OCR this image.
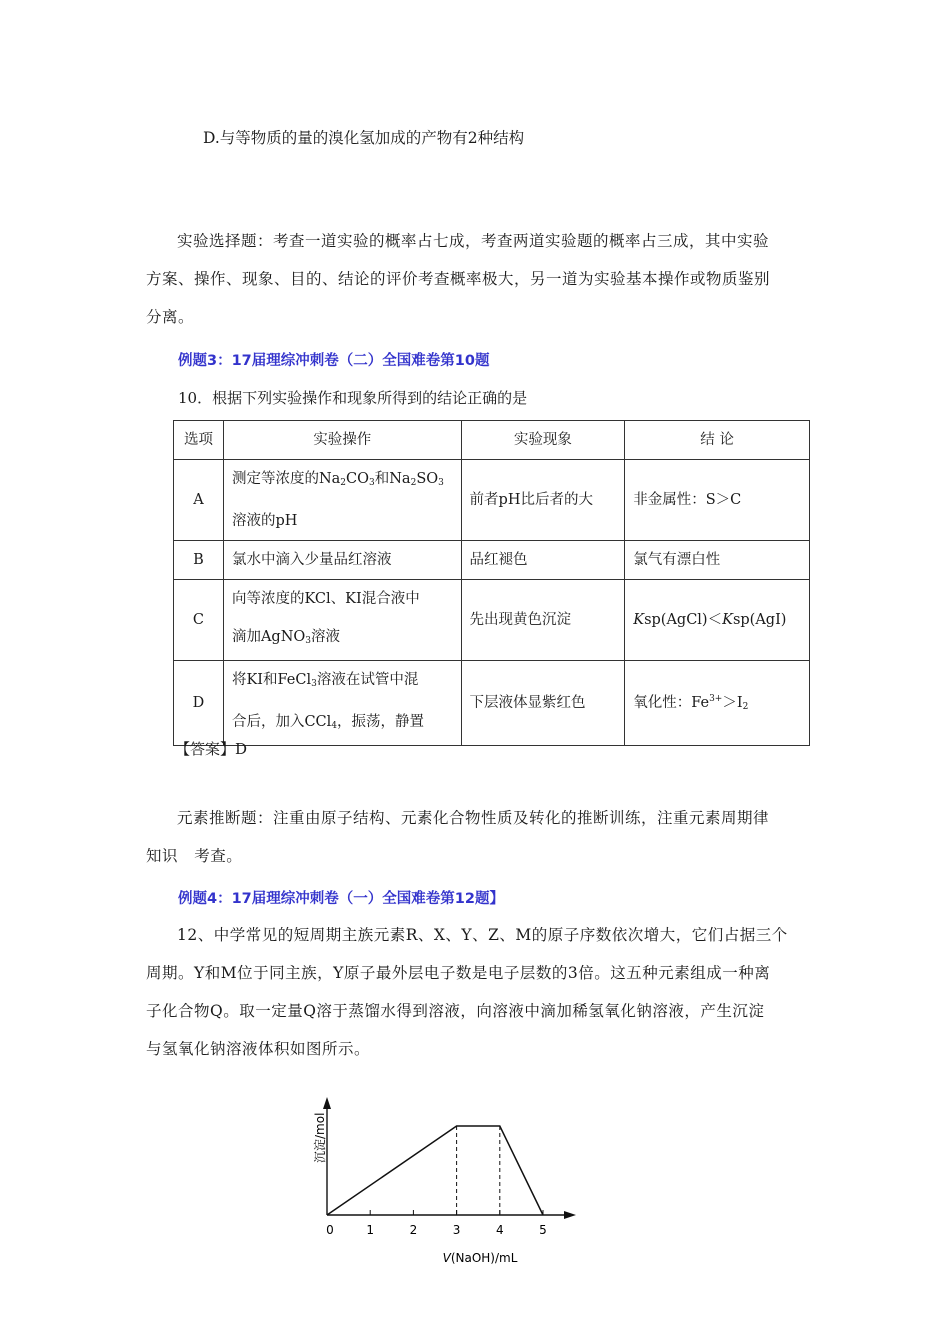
D.与等物质的量的溴化氢加成的产物有2种结构
实验选择题：考查一道实验的概率占七成，考查两道实验题的概率占三成，其中实验
方案、操作、现象、目的、结论的评价考查概率极大，另一道为实验基本操作或物质鉴别
分离。
例题3：17届理综冲刺卷（二）全国难卷第10题
10．根据下列实验操作和现象所得到的结论正确的是
选项	实验操作	实验现象	结 论
A	测定等浓度的$Na_2CO_3$和$Na_2SO_3$
溶液的pH	前者pH比后者的大	非金属性：S＞C
B	氯水中滴入少量品红溶液	品红褪色	氯气有漂白性
C	向等浓度的KCl、KI混合液中
滴加AgNO$_3$溶液	先出现黄色沉淀	Ksp(AgCl)＜Ksp(AgI)
D	将KI和FeCl$_3$溶液在试管中混
合后，加入CCl$_4$，振荡，静置	下层液体显紫红色	氧化性：$Fe^{3+}>I_2$
【答案】D
元素推断题：注重由原子结构、元素化合物性质及转化的推断训练，注重元素周期律
知识   考查。
例题4：17届理综冲刺卷（一）全国难卷第12题】
12、中学常见的短周期主族元素R、X、Y、Z、M的原子序数依次增大，它们占据三个
周期。Y和M位于同主族，Y原子最外层电子数是电子层数的3倍。这五种元素组成一种离
子化合物Q。取一定量Q溶于蒸馏水得到溶液，向溶液中滴加稀氢氧化钠溶液，产生沉淀
与氢氧化钠溶液体积如图所示。
0	1	2	3	4	5
V(NaOH)/mL
沉淀/mol
